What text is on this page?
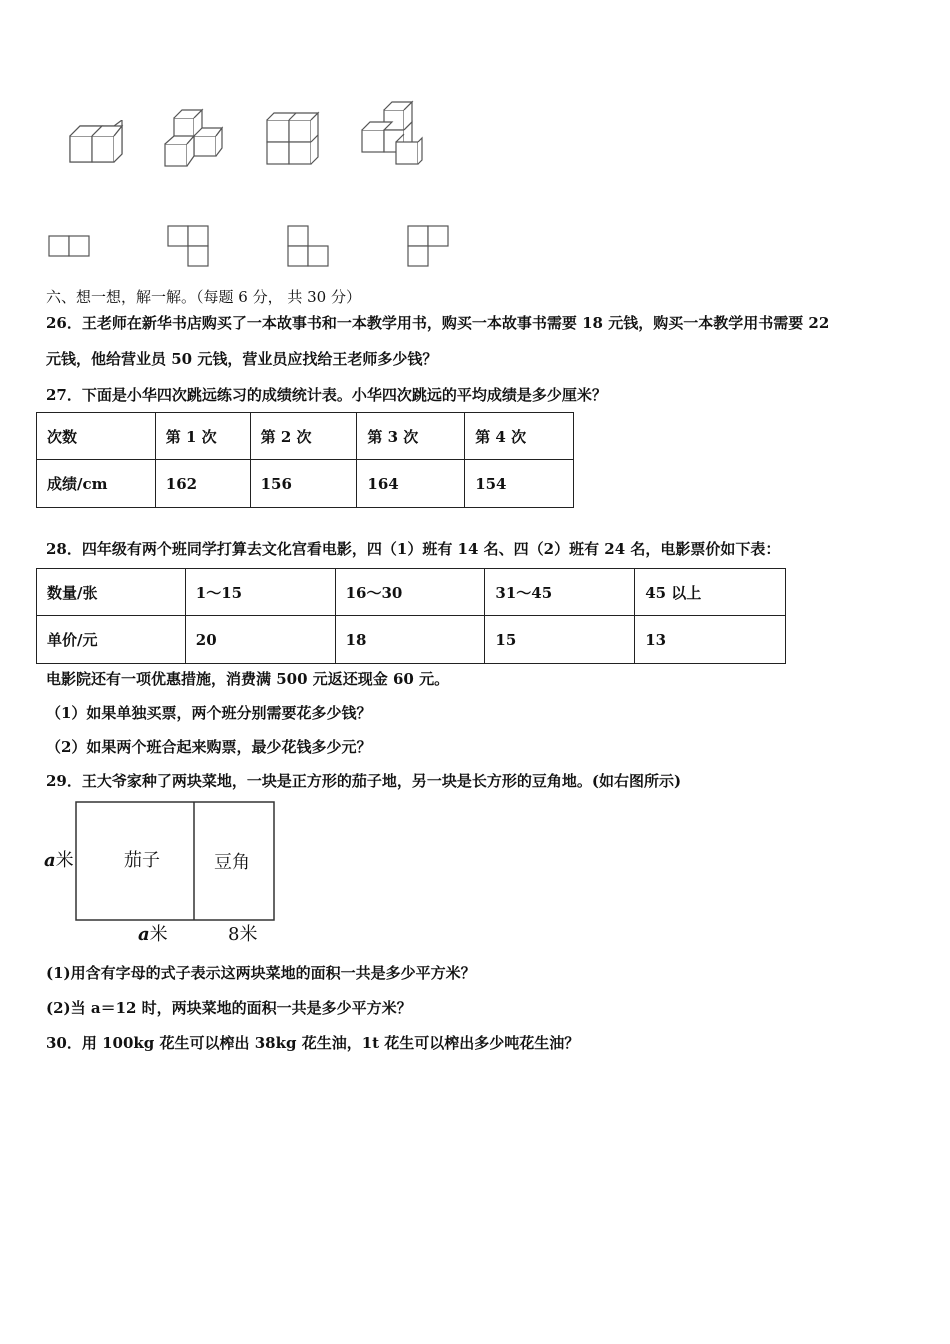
六、想一想，解一解。（每题 6 分， 共 30 分）
26．王老师在新华书店购买了一本故事书和一本教学用书，购买一本故事书需要 18 元钱，购买一本教学用书需要 22
元钱，他给营业员 50 元钱，营业员应找给王老师多少钱？
27．下面是小华四次跳远练习的成绩统计表。小华四次跳远的平均成绩是多少厘米？
次数	第 1 次	第 2 次	第 3 次	第 4 次
成绩/cm	162	156	164	154
28．四年级有两个班同学打算去文化宫看电影，四（1）班有 14 名、四（2）班有 24 名，电影票价如下表：
数量/张	1～15	16～30	31～45	45 以上
单价/元	20	18	15	13
电影院还有一项优惠措施，消费满 500 元返还现金 60 元。
（1）如果单独买票，两个班分别需要花多少钱？
（2）如果两个班合起来购票，最少花钱多少元？
29．王大爷家种了两块菜地，一块是正方形的茄子地，另一块是长方形的豆角地。(如右图所示)
a米	茄子	豆角
a米	8米
(1)用含有字母的式子表示这两块菜地的面积一共是多少平方米？
(2)当 a＝12 时，两块菜地的面积一共是多少平方米？
30．用 100kg 花生可以榨出 38kg 花生油，1t 花生可以榨出多少吨花生油？
